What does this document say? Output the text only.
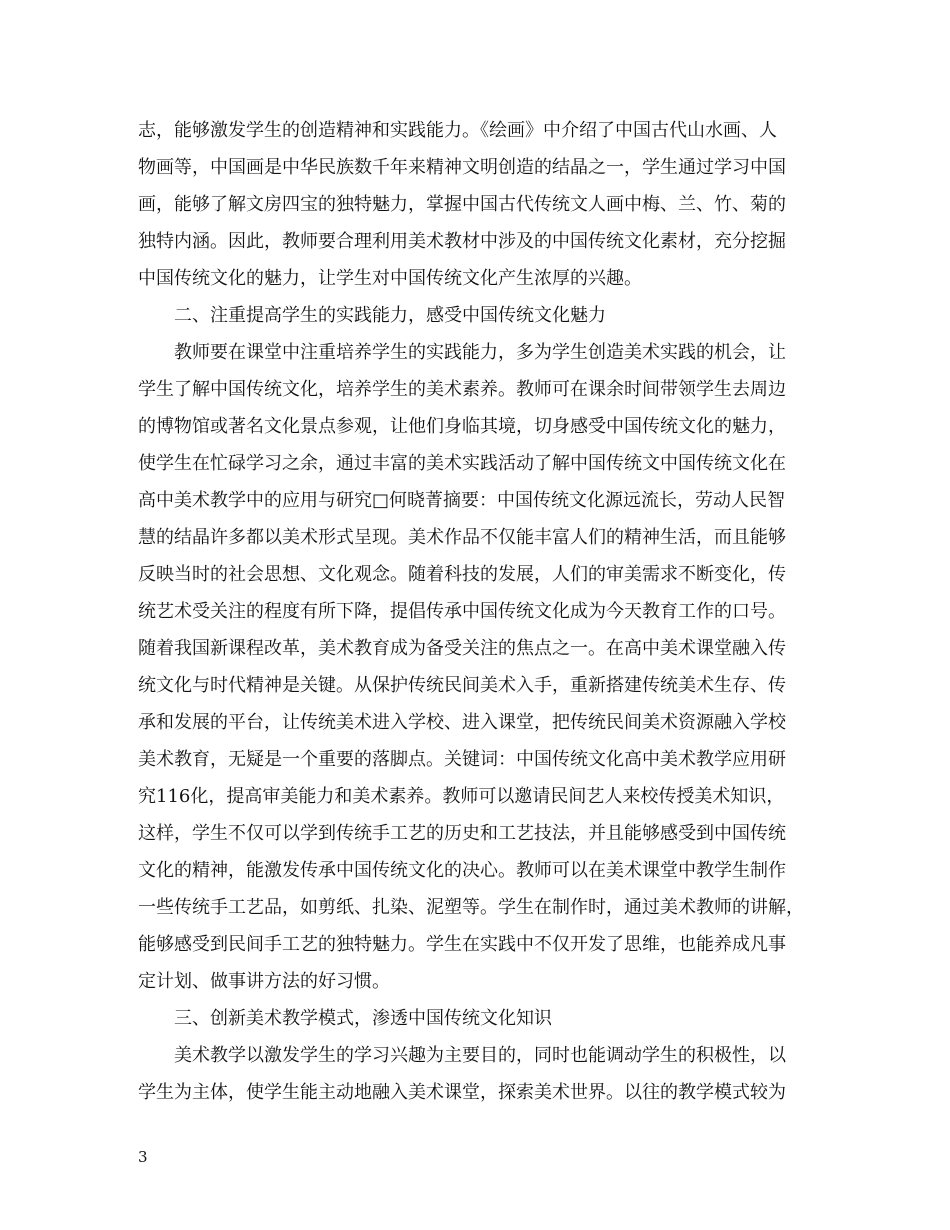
志，能够激发学生的创造精神和实践能力。《绘画》中介绍了中国古代山水画、人
物画等，中国画是中华民族数千年来精神文明创造的结晶之一，学生通过学习中国
画，能够了解文房四宝的独特魅力，掌握中国古代传统文人画中梅、兰、竹、菊的
独特内涵。因此，教师要合理利用美术教材中涉及的中国传统文化素材，充分挖掘
中国传统文化的魅力，让学生对中国传统文化产生浓厚的兴趣。
二、注重提高学生的实践能力，感受中国传统文化魅力
教师要在课堂中注重培养学生的实践能力，多为学生创造美术实践的机会，让
学生了解中国传统文化，培养学生的美术素养。教师可在课余时间带领学生去周边
的博物馆或著名文化景点参观，让他们身临其境，切身感受中国传统文化的魅力，
使学生在忙碌学习之余，通过丰富的美术实践活动了解中国传统文中国传统文化在
高中美术教学中的应用与研究□何晓菁摘要：中国传统文化源远流长，劳动人民智
慧的结晶许多都以美术形式呈现。美术作品不仅能丰富人们的精神生活，而且能够
反映当时的社会思想、文化观念。随着科技的发展，人们的审美需求不断变化，传
统艺术受关注的程度有所下降，提倡传承中国传统文化成为今天教育工作的口号。
随着我国新课程改革，美术教育成为备受关注的焦点之一。在高中美术课堂融入传
统文化与时代精神是关键。从保护传统民间美术入手，重新搭建传统美术生存、传
承和发展的平台，让传统美术进入学校、进入课堂，把传统民间美术资源融入学校
美术教育，无疑是一个重要的落脚点。关键词：中国传统文化高中美术教学应用研
究116化，提高审美能力和美术素养。教师可以邀请民间艺人来校传授美术知识，
这样，学生不仅可以学到传统手工艺的历史和工艺技法，并且能够感受到中国传统
文化的精神，能激发传承中国传统文化的决心。教师可以在美术课堂中教学生制作
一些传统手工艺品，如剪纸、扎染、泥塑等。学生在制作时，通过美术教师的讲解，
能够感受到民间手工艺的独特魅力。学生在实践中不仅开发了思维，也能养成凡事
定计划、做事讲方法的好习惯。
三、创新美术教学模式，渗透中国传统文化知识
美术教学以激发学生的学习兴趣为主要目的，同时也能调动学生的积极性，以
学生为主体，使学生能主动地融入美术课堂，探索美术世界。以往的教学模式较为
3
